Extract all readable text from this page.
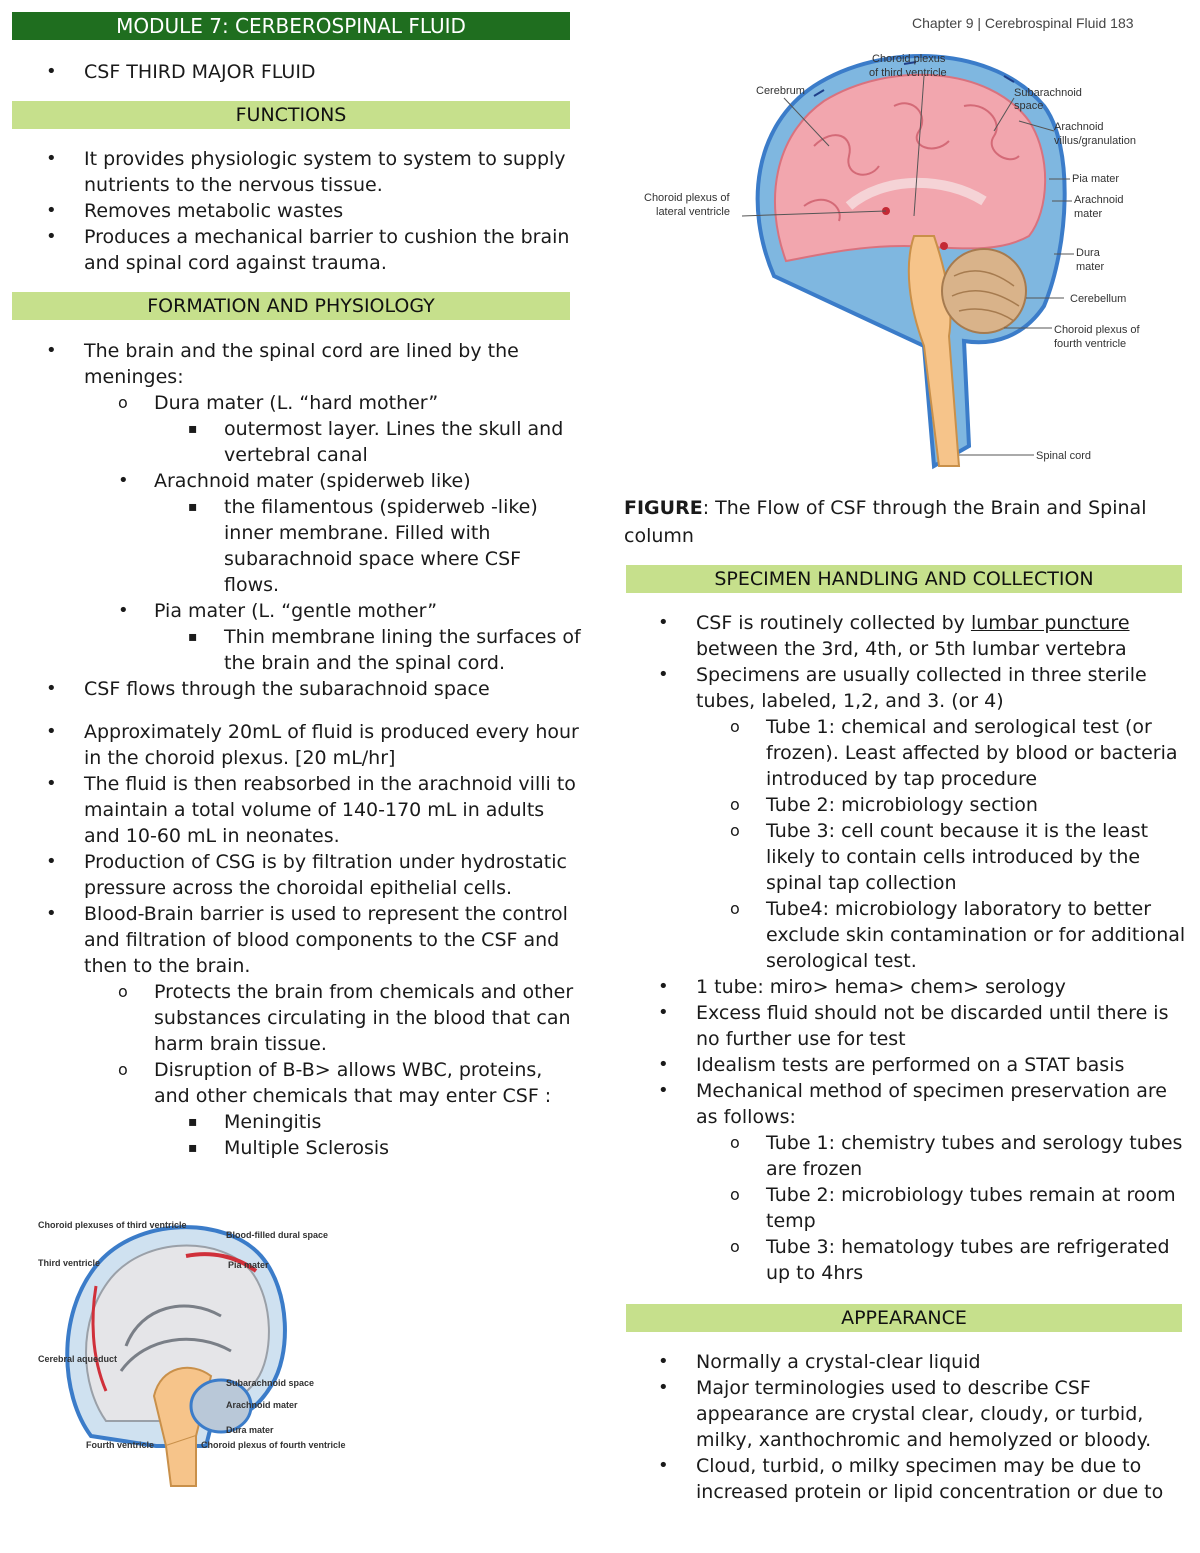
MODULE 7: CERBEROSPINAL FLUID
• CSF THIRD MAJOR FLUID
FUNCTIONS
• It provides physiologic system to system to supply nutrients to the nervous tissue.
• Removes metabolic wastes
• Produces a mechanical barrier to cushion the brain and spinal cord against trauma.
FORMATION AND PHYSIOLOGY
• The brain and the spinal cord are lined by the meninges:
o Dura mater (L. “hard mother”
▪ outermost layer. Lines the skull and vertebral canal
• Arachnoid mater (spiderweb like)
▪ the filamentous (spiderweb -like) inner membrane. Filled with subarachnoid space where CSF flows.
• Pia mater (L. “gentle mother”
▪ Thin membrane lining the surfaces of the brain and the spinal cord.
• CSF flows through the subarachnoid space
• Approximately 20mL of fluid is produced every hour in the choroid plexus. [20 mL/hr]
• The fluid is then reabsorbed in the arachnoid villi to maintain a total volume of 140-170 mL in adults and 10-60 mL in neonates.
• Production of CSG is by filtration under hydrostatic pressure across the choroidal epithelial cells.
• Blood-Brain barrier is used to represent the control and filtration of blood components to the CSF and then to the brain.
o Protects the brain from chemicals and other substances circulating in the blood that can harm brain tissue.
o Disruption of B-B> allows WBC, proteins, and other chemicals that may enter CSF :
▪ Meningitis
▪ Multiple Sclerosis
Choroid plexuses of third ventricle
Third ventricle
Blood-filled dural space
Pia mater
Cerebral aqueduct
Subarachnoid space
Arachnoid mater
Dura mater
Fourth ventricle	Choroid plexus of fourth ventricle
Chapter 9 | Cerebrospinal Fluid 183
Choroid plexus
of third ventricle
Cerebrum	Subarachnoid
space
Arachnoid
villus/granulation
Choroid plexus of
lateral ventricle
Pia mater
Arachnoid
mater
Dura
mater
Cerebellum
Choroid plexus of
fourth ventricle
Spinal cord
FIGURE: The Flow of CSF through the Brain and Spinal column
SPECIMEN HANDLING AND COLLECTION
• CSF is routinely collected by lumbar puncture between the 3rd, 4th, or 5th lumbar vertebra
• Specimens are usually collected in three sterile tubes, labeled, 1,2, and 3. (or 4)
o Tube 1: chemical and serological test (or frozen). Least affected by blood or bacteria introduced by tap procedure
o Tube 2: microbiology section
o Tube 3: cell count because it is the least likely to contain cells introduced by the spinal tap collection
o Tube4: microbiology laboratory to better exclude skin contamination or for additional serological test.
• 1 tube: miro> hema> chem> serology
• Excess fluid should not be discarded until there is no further use for test
• Idealism tests are performed on a STAT basis
• Mechanical method of specimen preservation are as follows:
o Tube 1: chemistry tubes and serology tubes are frozen
o Tube 2: microbiology tubes remain at room temp
o Tube 3: hematology tubes are refrigerated up to 4hrs
APPEARANCE
• Normally a crystal-clear liquid
• Major terminologies used to describe CSF appearance are crystal clear, cloudy, or turbid, milky, xanthochromic and hemolyzed or bloody.
• Cloud, turbid, o milky specimen may be due to increased protein or lipid concentration or due to
